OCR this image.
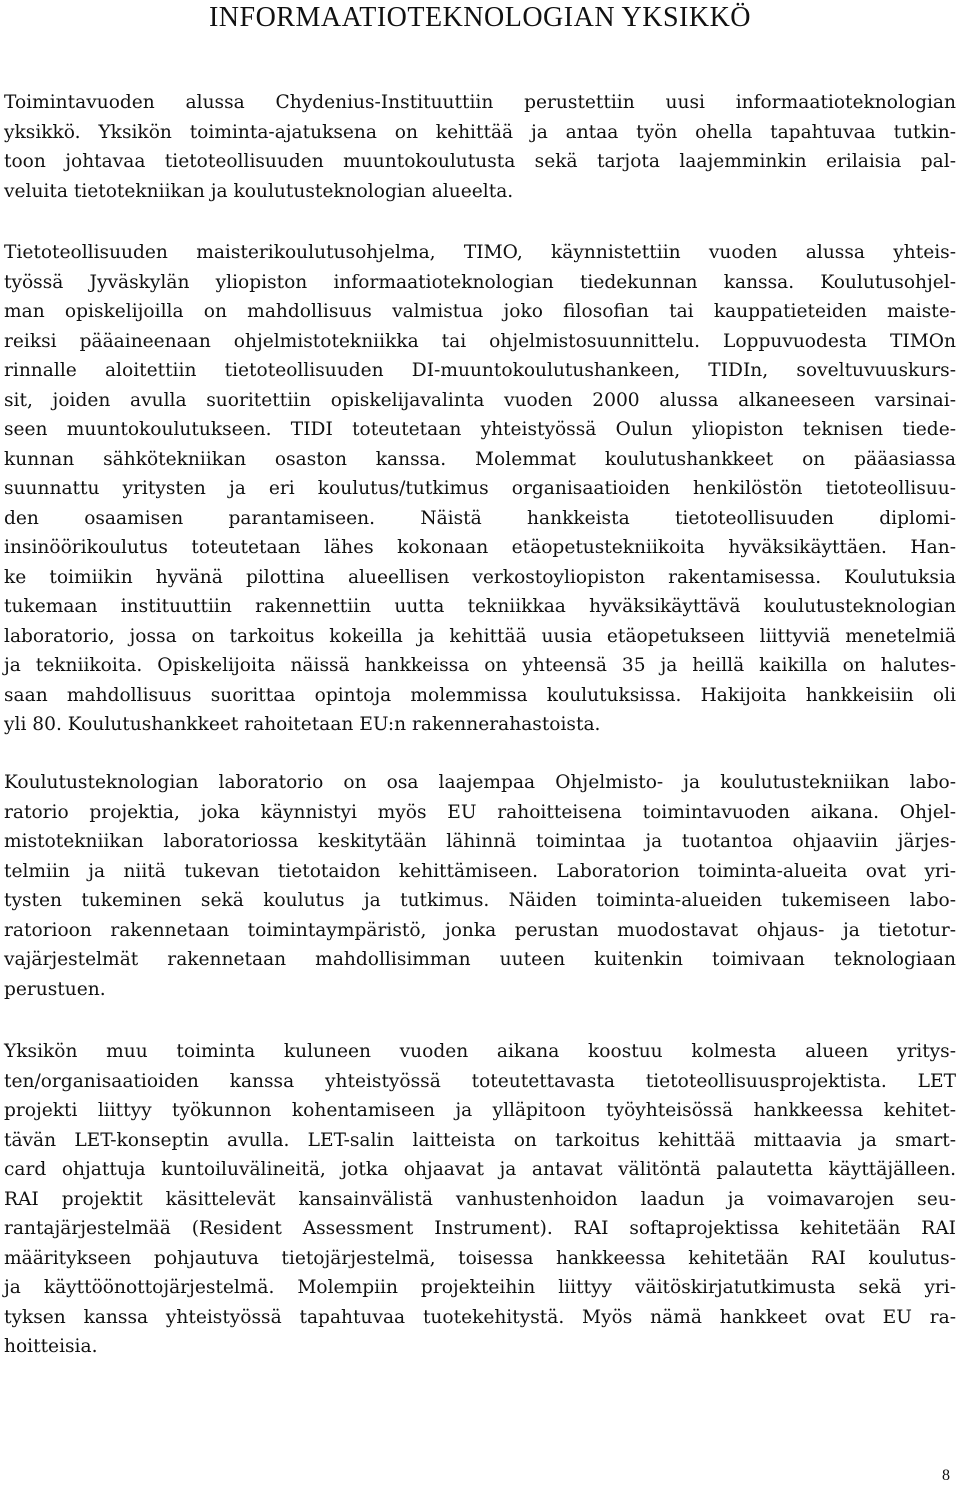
INFORMAATIOTEKNOLOGIAN YKSIKKÖ
Toimintavuoden alussa Chydenius-Instituuttiin perustettiin uusi informaatioteknologian
yksikkö. Yksikön toiminta-ajatuksena on kehittää ja antaa työn ohella tapahtuvaa tutkin-
toon johtavaa tietoteollisuuden muuntokoulutusta sekä tarjota laajemminkin erilaisia pal-
veluita tietotekniikan ja koulutusteknologian alueelta.
Tietoteollisuuden maisterikoulutusohjelma, TIMO, käynnistettiin vuoden alussa yhteis-
työssä Jyväskylän yliopiston informaatioteknologian tiedekunnan kanssa. Koulutusohjel-
man opiskelijoilla on mahdollisuus valmistua joko filosofian tai kauppatieteiden maiste-
reiksi pääaineenaan ohjelmistotekniikka tai ohjelmistosuunnittelu. Loppuvuodesta TIMOn
rinnalle aloitettiin tietoteollisuuden DI-muuntokoulutushankeen, TIDIn, soveltuvuuskurs-
sit, joiden avulla suoritettiin opiskelijavalinta vuoden 2000 alussa alkaneeseen varsinai-
seen muuntokoulutukseen. TIDI toteutetaan yhteistyössä Oulun yliopiston teknisen tiede-
kunnan sähkötekniikan osaston kanssa. Molemmat koulutushankkeet on pääasiassa
suunnattu yritysten ja eri koulutus/tutkimus organisaatioiden henkilöstön tietoteollisuu-
den osaamisen parantamiseen. Näistä hankkeista tietoteollisuuden diplomi-
insinöörikoulutus toteutetaan lähes kokonaan etäopetustekniikoita hyväksikäyttäen. Han-
ke toimiikin hyvänä pilottina alueellisen verkostoyliopiston rakentamisessa. Koulutuksia
tukemaan instituuttiin rakennettiin uutta tekniikkaa hyväksikäyttävä koulutusteknologian
laboratorio, jossa on tarkoitus kokeilla ja kehittää uusia etäopetukseen liittyviä menetelmiä
ja tekniikoita. Opiskelijoita näissä hankkeissa on yhteensä 35 ja heillä kaikilla on halutes-
saan mahdollisuus suorittaa opintoja molemmissa koulutuksissa. Hakijoita hankkeisiin oli
yli 80. Koulutushankkeet rahoitetaan EU:n rakennerahastoista.
Koulutusteknologian laboratorio on osa laajempaa Ohjelmisto- ja koulutustekniikan labo-
ratorio projektia, joka käynnistyi myös EU rahoitteisena toimintavuoden aikana. Ohjel-
mistotekniikan laboratoriossa keskitytään lähinnä toimintaa ja tuotantoa ohjaaviin järjes-
telmiin ja niitä tukevan tietotaidon kehittämiseen. Laboratorion toiminta-alueita ovat yri-
tysten tukeminen sekä koulutus ja tutkimus. Näiden toiminta-alueiden tukemiseen labo-
ratorioon rakennetaan toimintaympäristö, jonka perustan muodostavat ohjaus- ja tietotur-
vajärjestelmät rakennetaan mahdollisimman uuteen kuitenkin toimivaan teknologiaan
perustuen.
Yksikön muu toiminta kuluneen vuoden aikana koostuu kolmesta alueen yritys-
ten/organisaatioiden kanssa yhteistyössä toteutettavasta tietoteollisuusprojektista. LET
projekti liittyy työkunnon kohentamiseen ja ylläpitoon työyhteisössä hankkeessa kehitet-
tävän LET-konseptin avulla. LET-salin laitteista on tarkoitus kehittää mittaavia ja smart-
card ohjattuja kuntoiluvälineitä, jotka ohjaavat ja antavat välitöntä palautetta käyttäjälleen.
RAI projektit käsittelevät kansainvälistä vanhustenhoidon laadun ja voimavarojen seu-
rantajärjestelmää (Resident Assessment Instrument). RAI softaprojektissa kehitetään RAI
määritykseen pohjautuva tietojärjestelmä, toisessa hankkeessa kehitetään RAI koulutus-
ja käyttöönottojärjestelmä. Molempiin projekteihin liittyy väitöskirjatutkimusta sekä yri-
tyksen kanssa yhteistyössä tapahtuvaa tuotekehitystä. Myös nämä hankkeet ovat EU ra-
hoitteisia.

8
